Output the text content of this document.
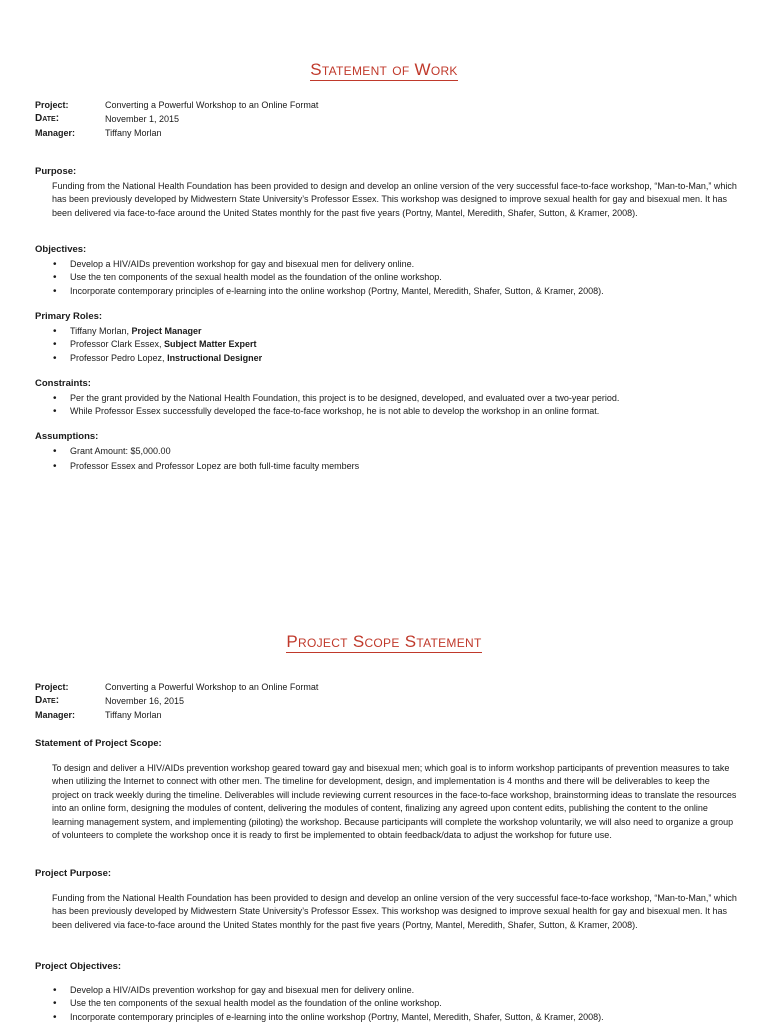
Statement of Work
Project:	Converting a Powerful Workshop to an Online Format
Date:	November 1, 2015
Manager:	Tiffany Morlan
Purpose:
Funding from the National Health Foundation has been provided to design and develop an online version of the very successful face-to-face workshop, “Man-to-Man,” which has been previously developed by Midwestern State University’s Professor Essex. This workshop was designed to improve sexual health for gay and bisexual men. It has been delivered via face-to-face around the United States monthly for the past five years (Portny, Mantel, Meredith, Shafer, Sutton, & Kramer, 2008).
Objectives:
• Develop a HIV/AIDs prevention workshop for gay and bisexual men for delivery online.
• Use the ten components of the sexual health model as the foundation of the online workshop.
• Incorporate contemporary principles of e-learning into the online workshop (Portny, Mantel, Meredith, Shafer, Sutton, & Kramer, 2008).
Primary Roles:
• Tiffany Morlan, Project Manager
• Professor Clark Essex, Subject Matter Expert
• Professor Pedro Lopez, Instructional Designer
Constraints:
• Per the grant provided by the National Health Foundation, this project is to be designed, developed, and evaluated over a two-year period.
• While Professor Essex successfully developed the face-to-face workshop, he is not able to develop the workshop in an online format.
Assumptions:
• Grant Amount: $5,000.00
• Professor Essex and Professor Lopez are both full-time faculty members
Project Scope Statement
Project:	Converting a Powerful Workshop to an Online Format
Date:	November 16, 2015
Manager:	Tiffany Morlan
Statement of Project Scope:
To design and deliver a HIV/AIDs prevention workshop geared toward gay and bisexual men; which goal is to inform workshop participants of prevention measures to take when utilizing the Internet to connect with other men. The timeline for development, design, and implementation is 4 months and there will be deliverables to keep the project on track weekly during the timeline. Deliverables will include reviewing current resources in the face-to-face workshop, brainstorming ideas to translate the resources into an online form, designing the modules of content, delivering the modules of content, finalizing any agreed upon content edits, publishing the content to the online learning management system, and implementing (piloting) the workshop. Because participants will complete the workshop voluntarily, we will also need to organize a group of volunteers to complete the workshop once it is ready to first be implemented to obtain feedback/data to adjust the workshop for future use.
Project Purpose:
Funding from the National Health Foundation has been provided to design and develop an online version of the very successful face-to-face workshop, “Man-to-Man,” which has been previously developed by Midwestern State University’s Professor Essex. This workshop was designed to improve sexual health for gay and bisexual men. It has been delivered via face-to-face around the United States monthly for the past five years (Portny, Mantel, Meredith, Shafer, Sutton, & Kramer, 2008).
Project Objectives:
• Develop a HIV/AIDs prevention workshop for gay and bisexual men for delivery online.
• Use the ten components of the sexual health model as the foundation of the online workshop.
• Incorporate contemporary principles of e-learning into the online workshop (Portny, Mantel, Meredith, Shafer, Sutton, & Kramer, 2008).
